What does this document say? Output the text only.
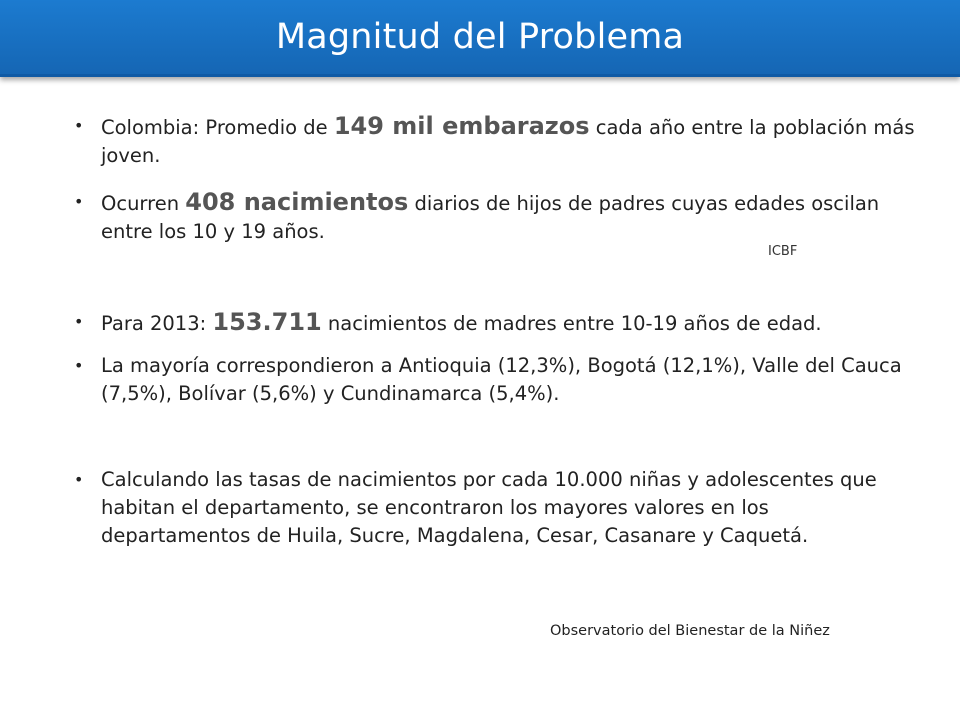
Magnitud del Problema
• Colombia: Promedio de 149 mil embarazos cada año entre la población más joven.
• Ocurren 408 nacimientos diarios de hijos de padres cuyas edades oscilan entre los 10 y 19 años.
ICBF
• Para 2013: 153.711 nacimientos de madres entre 10-19 años de edad.
• La mayoría correspondieron a Antioquia (12,3%), Bogotá (12,1%), Valle del Cauca (7,5%), Bolívar (5,6%) y Cundinamarca (5,4%).
• Calculando las tasas de nacimientos por cada 10.000 niñas y adolescentes que habitan el departamento, se encontraron los mayores valores en los departamentos de Huila, Sucre, Magdalena, Cesar, Casanare y Caquetá.
Observatorio del Bienestar de la Niñez
